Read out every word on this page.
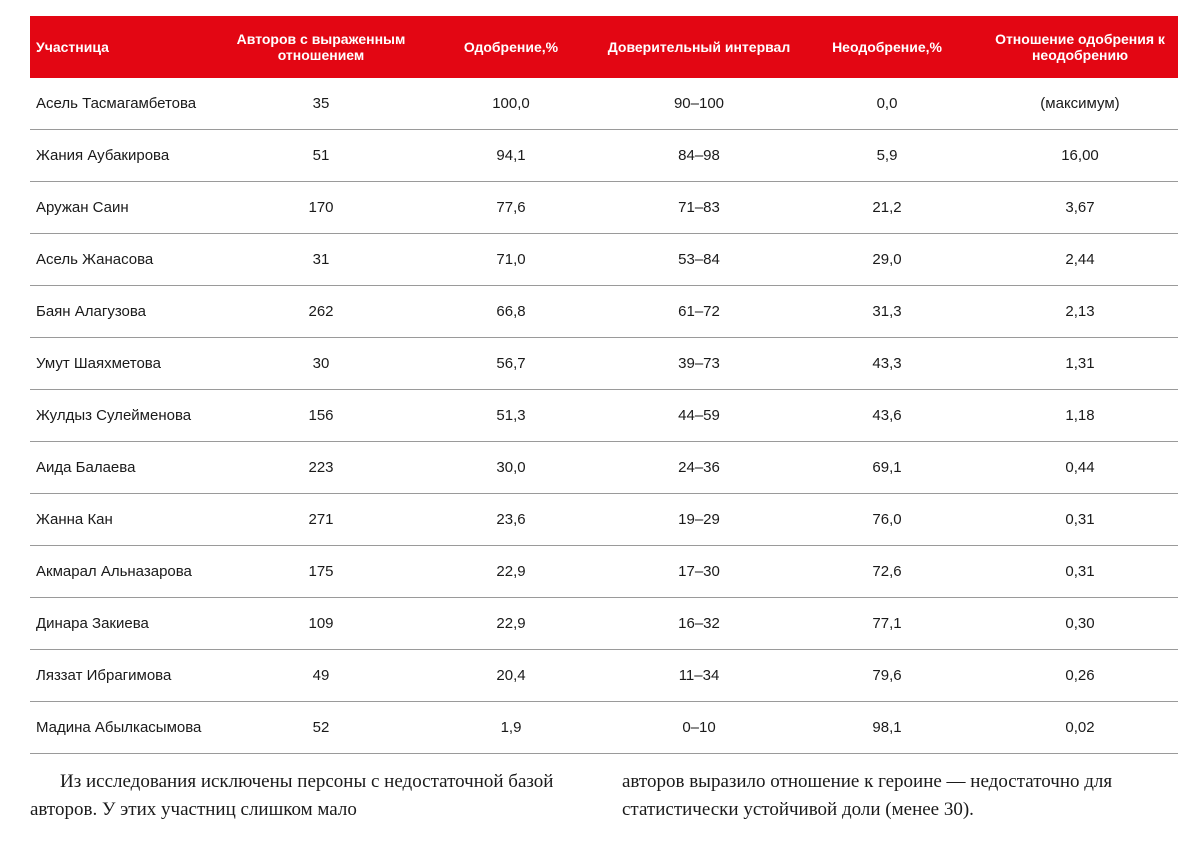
Участница	Авторов с выраженным отношением	Одобрение,%	Доверительный интервал	Неодобрение,%	Отношение одобрения к неодобрению
Асель Тасмагамбетова	35	100,0	90–100	0,0	(максимум)
Жания Аубакирова	51	94,1	84–98	5,9	16,00
Аружан Саин	170	77,6	71–83	21,2	3,67
Асель Жанасова	31	71,0	53–84	29,0	2,44
Баян Алагузова	262	66,8	61–72	31,3	2,13
Умут Шаяхметова	30	56,7	39–73	43,3	1,31
Жулдыз Сулейменова	156	51,3	44–59	43,6	1,18
Аида Балаева	223	30,0	24–36	69,1	0,44
Жанна Кан	271	23,6	19–29	76,0	0,31
Акмарал Альназарова	175	22,9	17–30	72,6	0,31
Динара Закиева	109	22,9	16–32	77,1	0,30
Ляззат Ибрагимова	49	20,4	11–34	79,6	0,26
Мадина Абылкасымова	52	1,9	0–10	98,1	0,02
Из исследования исключены персоны с недостаточной базой авторов. У этих участниц слишком мало
авторов выразило отношение к героине — недостаточно для статистически устойчивой доли (менее 30).
